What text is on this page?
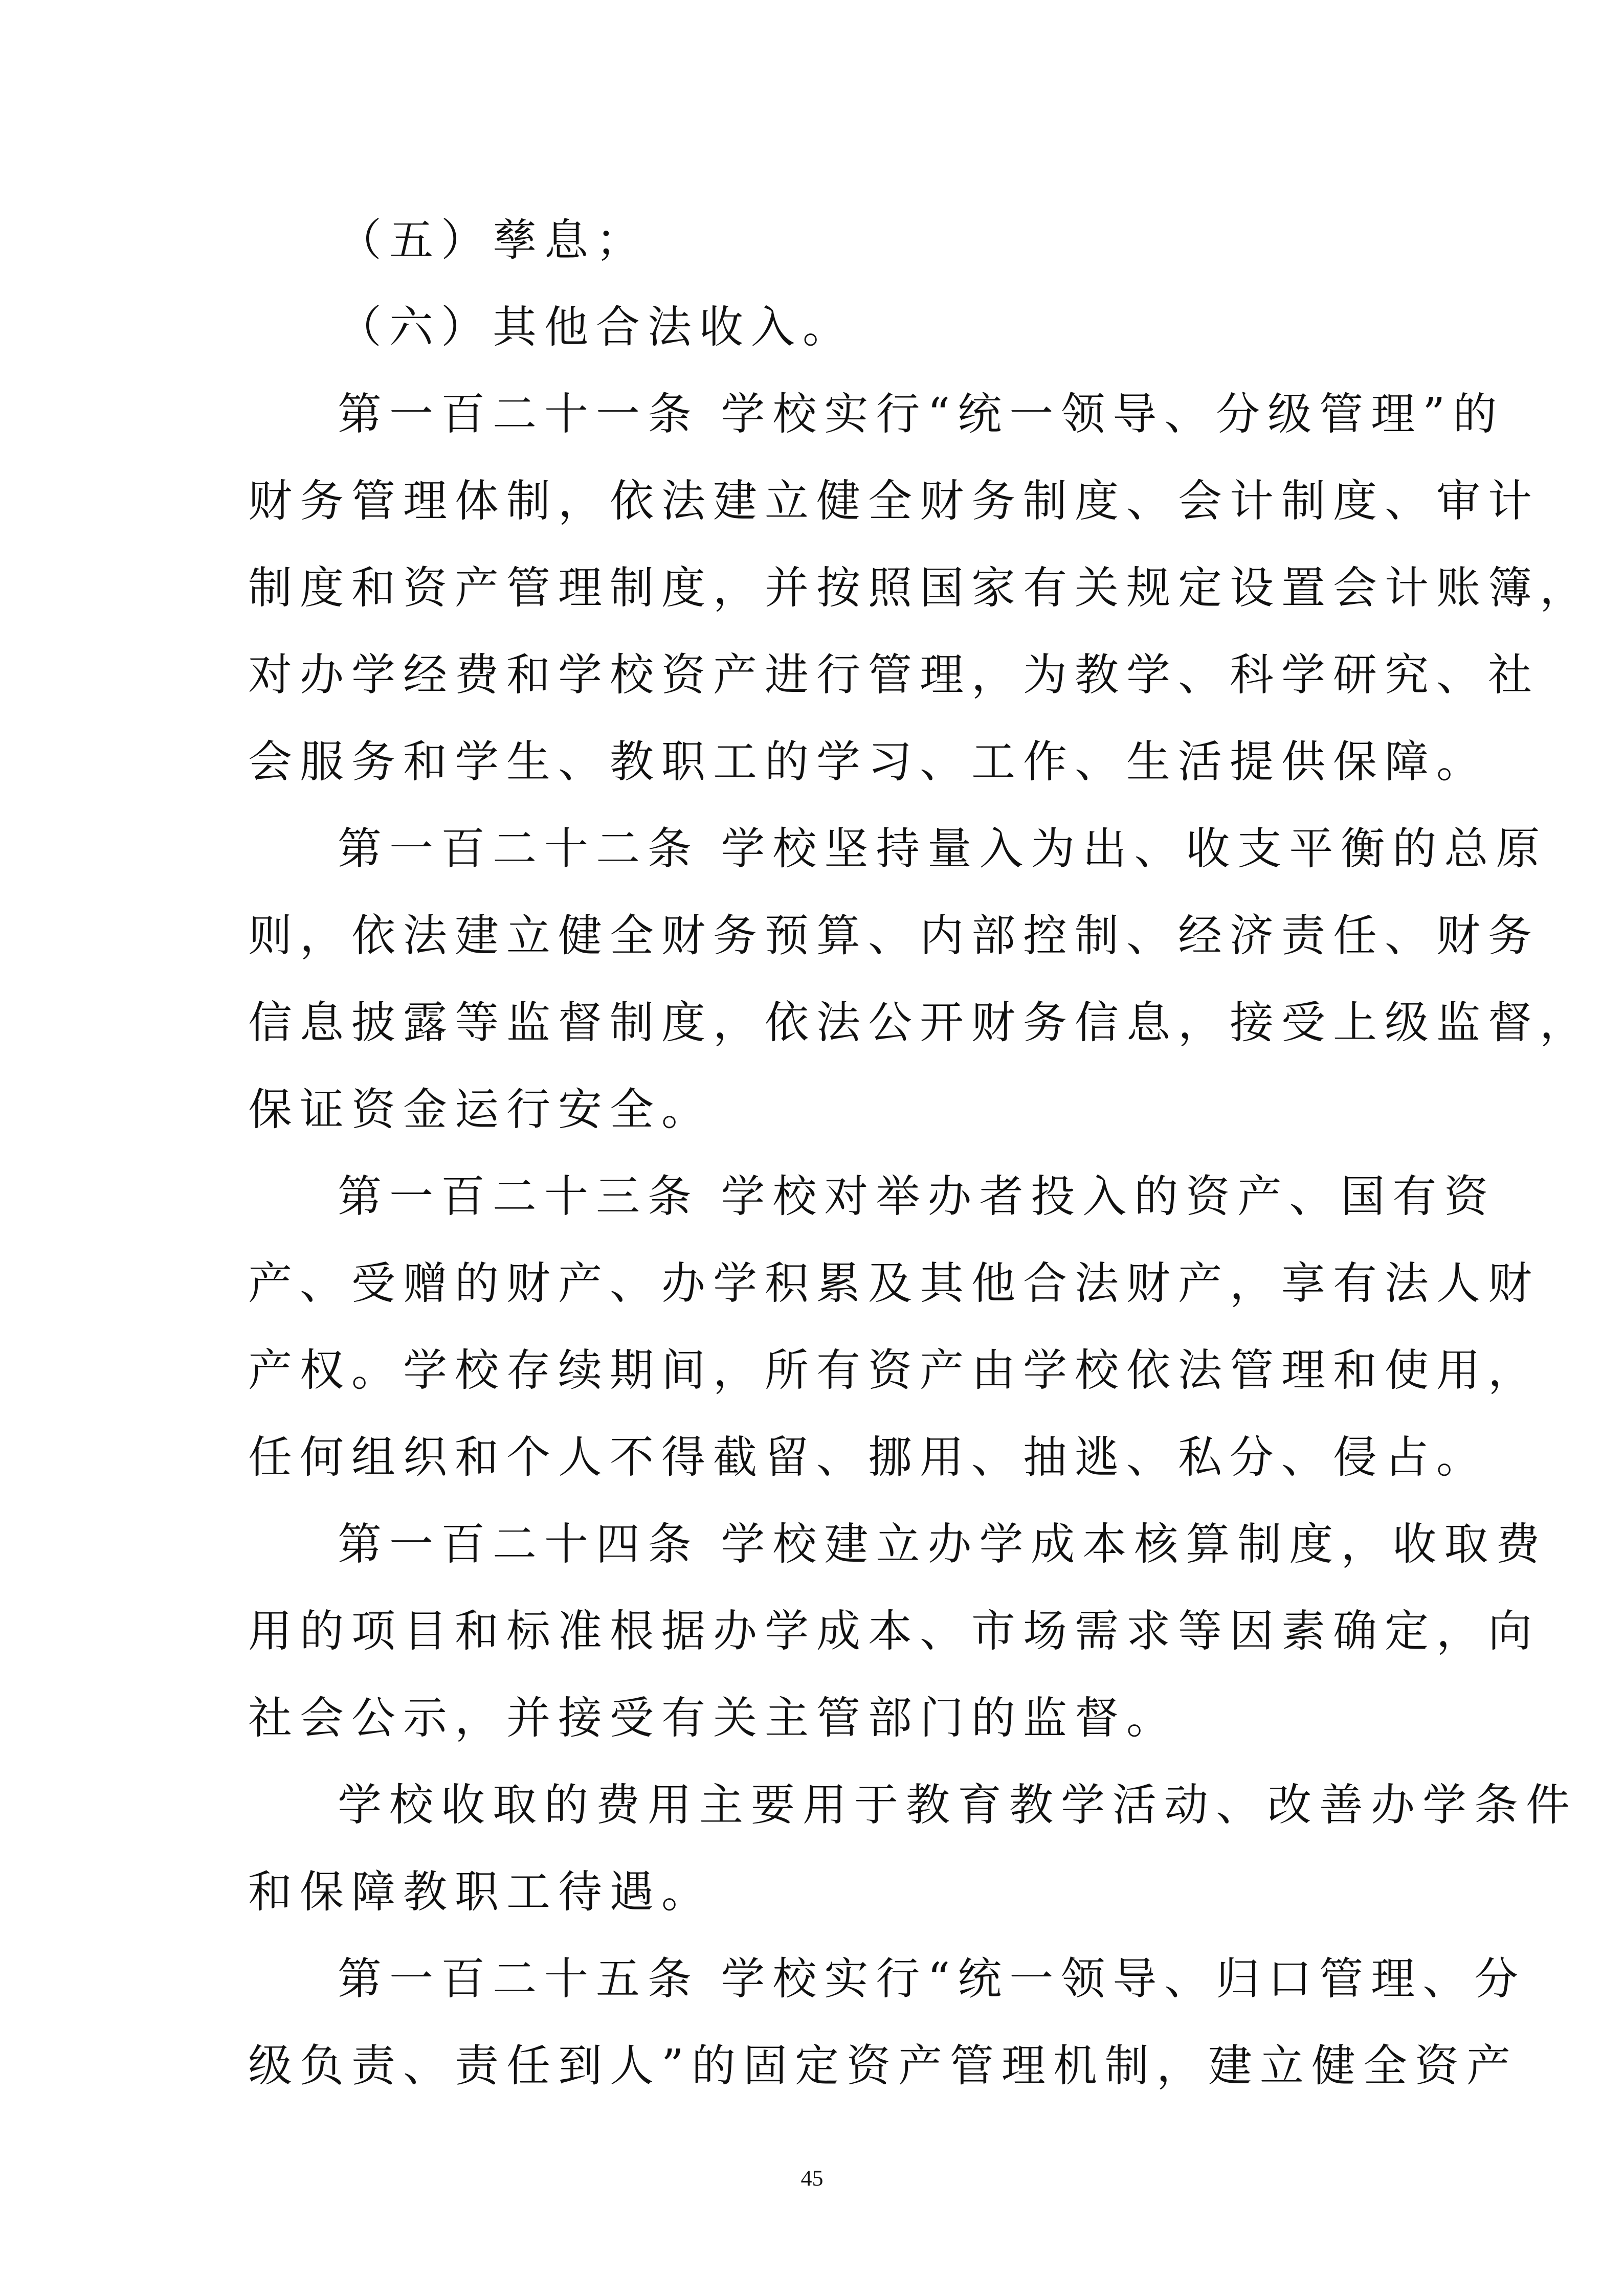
（五）孳息；
（六）其他合法收入。
第一百二十一条 学校实行“统一领导、分级管理”的
财务管理体制，依法建立健全财务制度、会计制度、审计
制度和资产管理制度，并按照国家有关规定设置会计账簿，
对办学经费和学校资产进行管理，为教学、科学研究、社
会服务和学生、教职工的学习、工作、生活提供保障。
第一百二十二条 学校坚持量入为出、收支平衡的总原
则，依法建立健全财务预算、内部控制、经济责任、财务
信息披露等监督制度，依法公开财务信息，接受上级监督，
保证资金运行安全。
第一百二十三条 学校对举办者投入的资产、国有资
产、受赠的财产、办学积累及其他合法财产，享有法人财
产权。学校存续期间，所有资产由学校依法管理和使用，
任何组织和个人不得截留、挪用、抽逃、私分、侵占。
第一百二十四条 学校建立办学成本核算制度，收取费
用的项目和标准根据办学成本、市场需求等因素确定，向
社会公示，并接受有关主管部门的监督。
学校收取的费用主要用于教育教学活动、改善办学条件
和保障教职工待遇。
第一百二十五条 学校实行“统一领导、归口管理、分
级负责、责任到人”的固定资产管理机制，建立健全资产
45
